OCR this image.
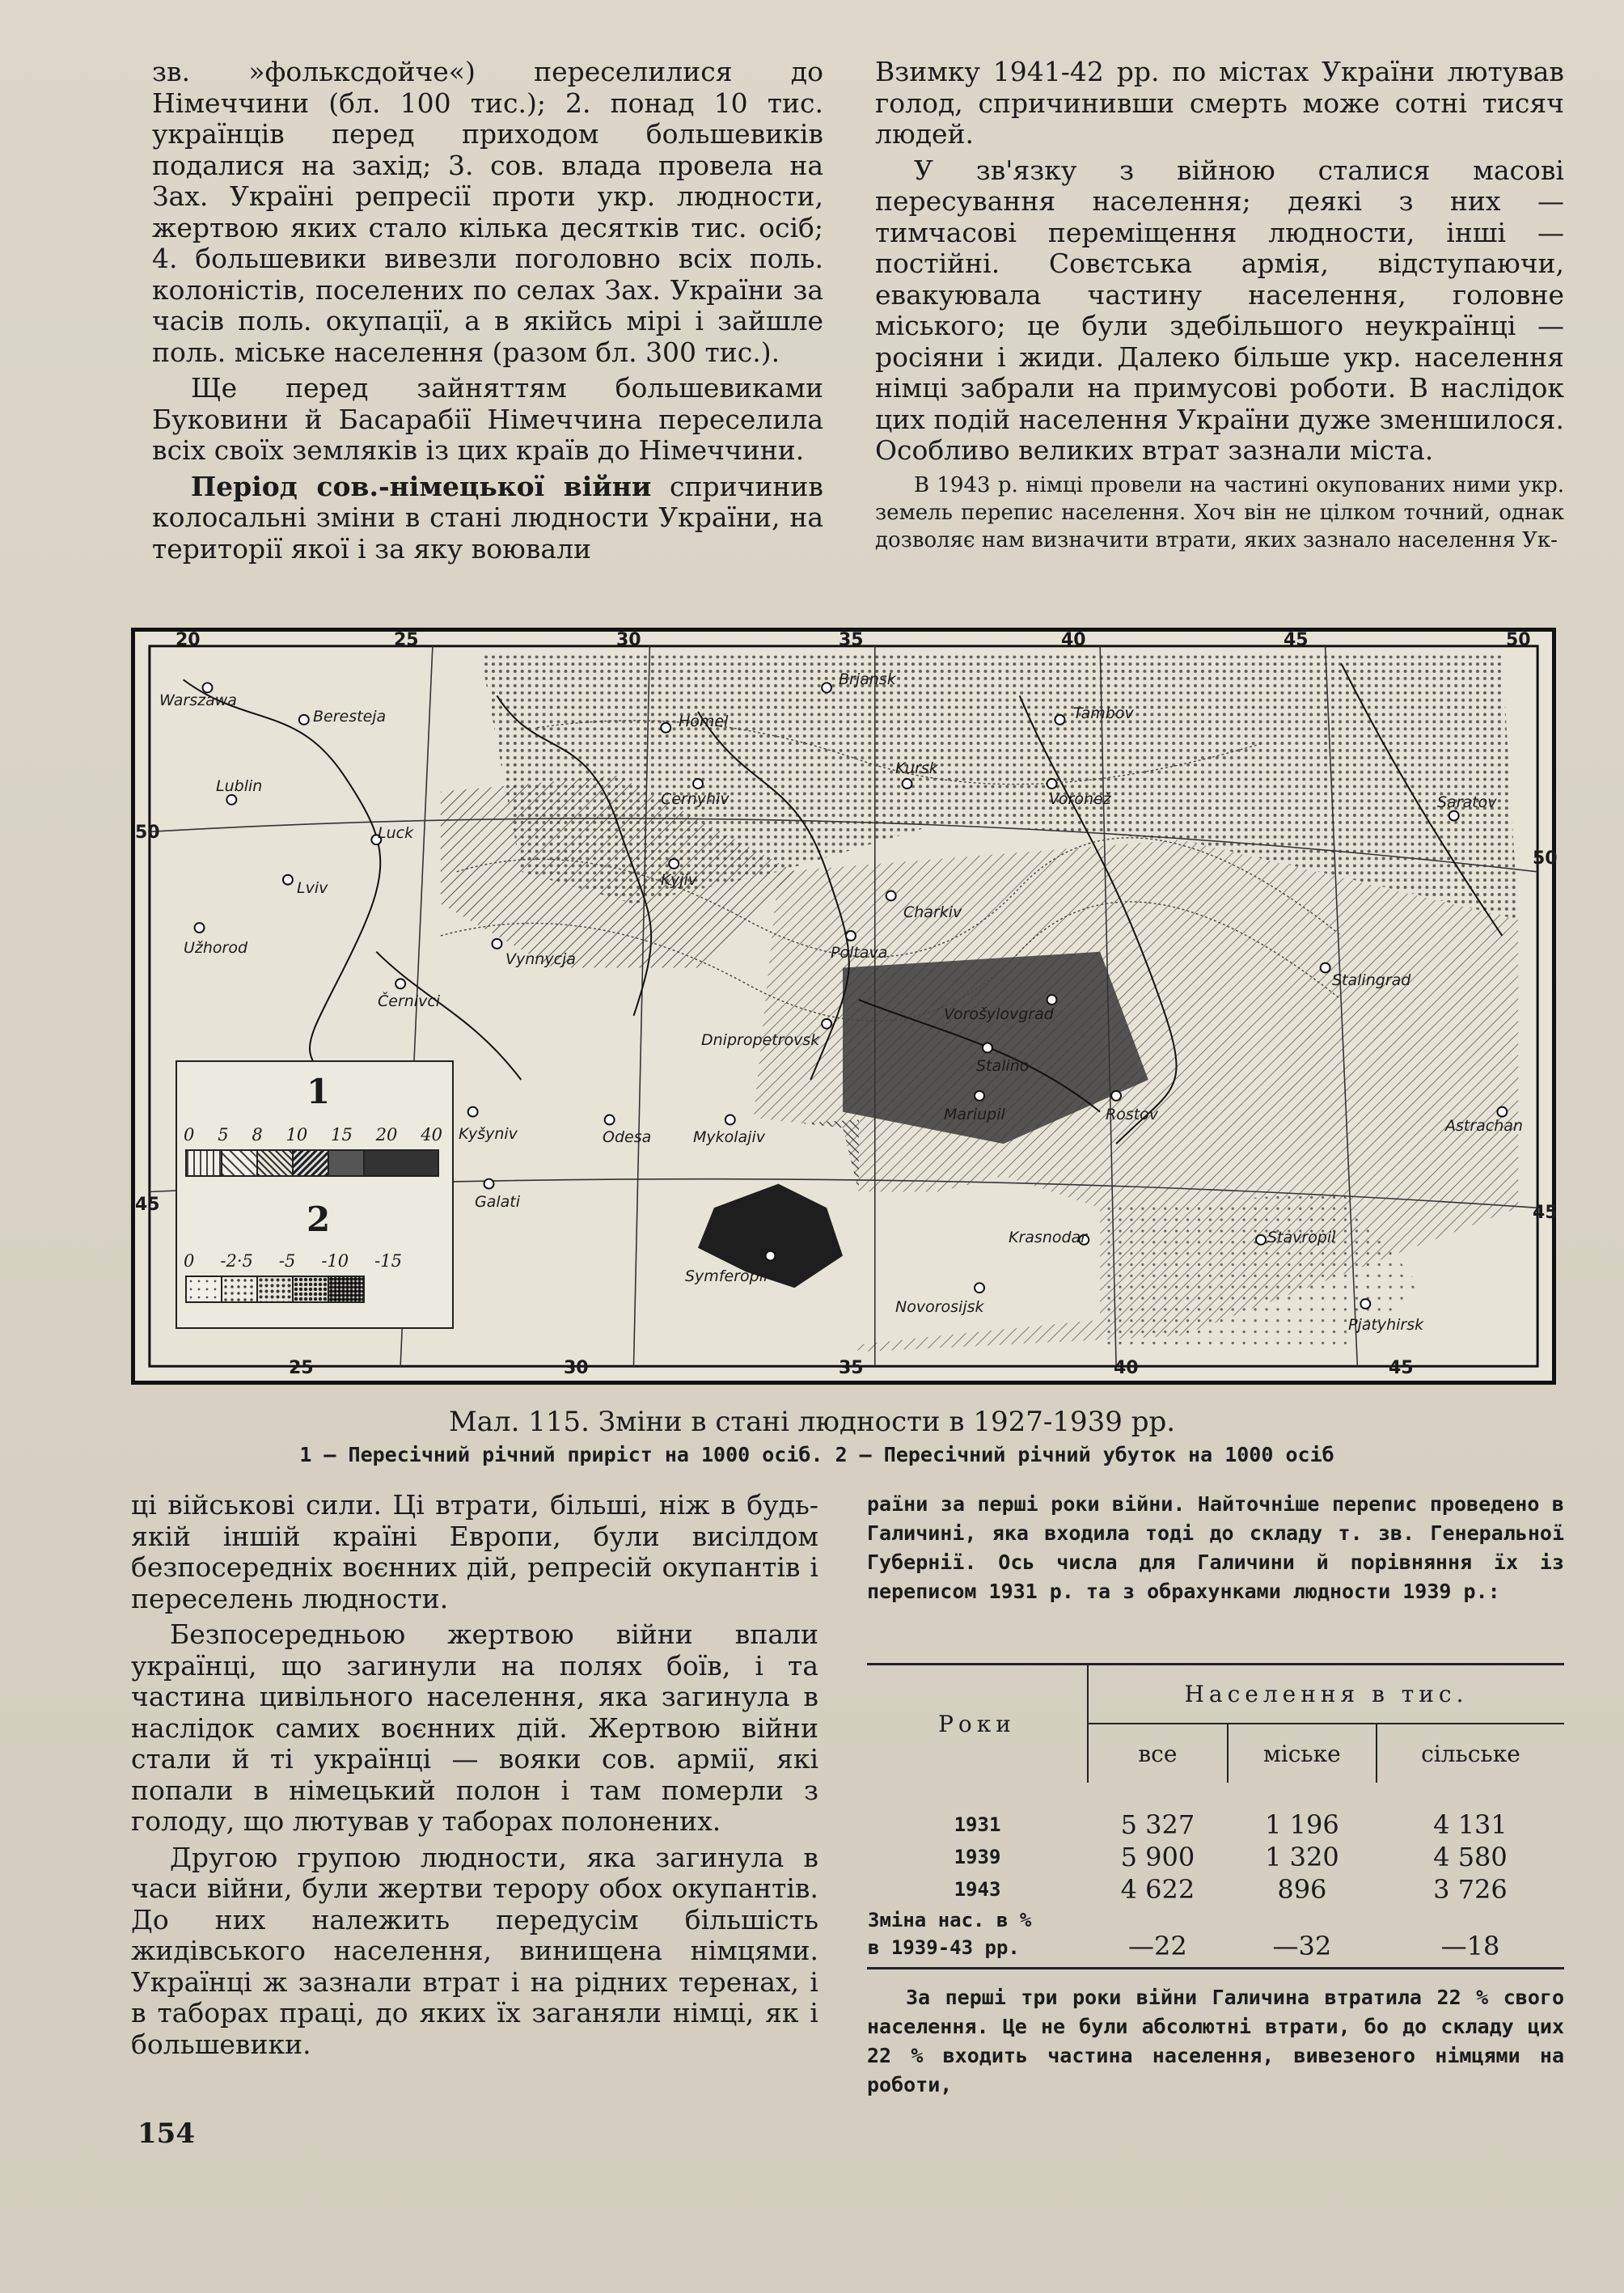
зв. »фольксдойче«) переселилися до Німеччини (бл. 100 тис.); 2. понад 10 тис. українців перед приходом большевиків подалися на захід; 3. сов. влада провела на Зах. Україні репресії проти укр. людности, жертвою яких стало кілька десятків тис. осіб; 4. большевики вивезли поголовно всіх поль. колоністів, поселених по селах Зах. України за часів поль. окупації, а в якійсь мірі і зайшле поль. міське населення (разом бл. 300 тис.).

Ще перед зайняттям большевиками Буковини й Басарабії Німеччина переселила всіх своїх земляків із цих країв до Німеччини.

Період сов.-німецької війни спричинив колосальні зміни в стані людности України, на території якої і за яку воювали

Взимку 1941-42 рр. по містах України лютував голод, спричинивши смерть може сотні тисяч людей.

У зв'язку з війною сталися масові пересування населення; деякі з них — тимчасові переміщення людности, інші — постійні. Совєтська армія, відступаючи, евакуювала частину населення, головне міського; це були здебільшого неукраїнці — росіяни і жиди. Далеко більше укр. населення німці забрали на примусові роботи. В наслідок цих подій населення України дуже зменшилося. Особливо великих втрат зазнали міста.

В 1943 р. німці провели на частині окупованих ними укр. земель перепис населення. Хоч він не цілком точний, однак дозволяє нам визначити втрати, яких зазнало населення Ук-

20	25	30	35	40	45	50
25	30	35	40	45
50
50
45	45
Warszawa
Beresteja
Lublin
Homel
Brjansk
Tambov
Kursk
Cernyhiv	Voronež	Saratov
Luck
Kyjiv
Lviv
Charkiv
Užhorod
Vynnycja	Poltava
Stalingrad
Černivci
Dnipropetrovsk
Vorošylovgrad
Stalino
Kyšyniv	Odesa	Mykolajiv
Mariupil	Rostov
Astrachan
Galati
Symferopil
Krasnodar	Stavropil
Novorosijsk
Pjatyhirsk
1
0 5 8 10 15 20 40
2
0 -2·5 -5 -10 -15
Мал. 115. Зміни в стані людности в 1927-1939 рр.
1 — Пересічний річний приріст на 1000 осіб. 2 — Пересічний річний убуток на 1000 осіб

ці військові сили. Ці втрати, більші, ніж в будь-якій іншій країні Европи, були висілдом безпосередніх воєнних дій, репресій окупантів і переселень людности.

Безпосередньою жертвою війни впали українці, що загинули на полях боїв, і та частина цивільного населення, яка загинула в наслідок самих воєнних дій. Жертвою війни стали й ті українці — вояки сов. армії, які попали в німецький полон і там померли з голоду, що лютував у таборах полонених.

Другою групою людности, яка загинула в часи війни, були жертви терору обох окупантів. До них належить передусім більшість жидівського населення, винищена німцями. Українці ж зазнали втрат і на рідних теренах, і в таборах праці, до яких їх заганяли німці, як і большевики.

раїни за перші роки війни. Найточніше перепис проведено в Галичині, яка входила тоді до складу т. зв. Генеральної Губернії. Ось числа для Галичини й порівняння їх із переписом 1931 р. та з обрахунками людности 1939 р.:

Роки	Населення в тис.		
	все	міське	сільське

1931	5 327	1 196	4 131
1939	5 900	1 320	4 580
1943	4 622	896	3 726

Зміна нас. в %
в 1939-43 рр.	—22	—32	—18

За перші три роки війни Галичина втратила 22 % свого населення. Це не були абсолютні втрати, бо до складу цих 22 % входить частина населення, вивезеного німцями на роботи,

154
